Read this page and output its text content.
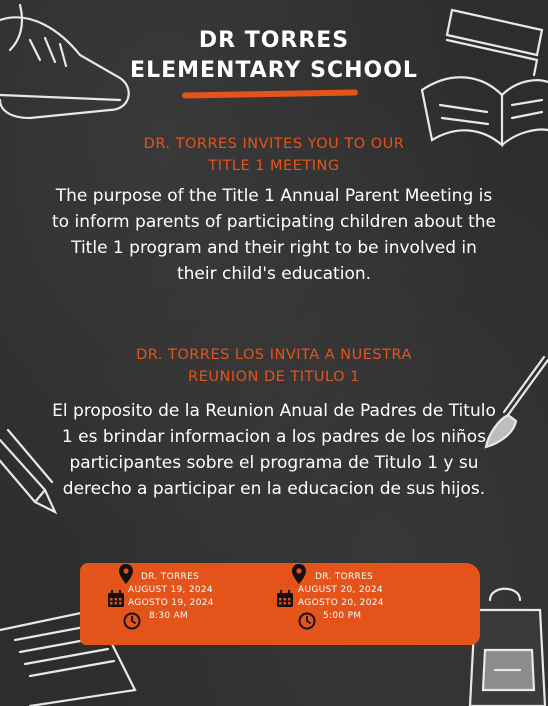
DR TORRES
ELEMENTARY SCHOOL
DR. TORRES INVITES YOU TO OUR
TITLE 1 MEETING
The purpose of the Title 1 Annual Parent Meeting is to inform parents of participating children about the Title 1 program and their right to be involved in their child's education.
DR. TORRES LOS INVITA A NUESTRA
REUNION DE TITULO 1
El proposito de la Reunion Anual de Padres de Titulo 1 es brindar informacion a los padres de los niños participantes sobre el programa de Titulo 1 y su derecho a participar en la educacion de sus hijos.
DR. TORRES
AUGUST 19, 2024
AGOSTO 19, 2024
8:30 AM
DR. TORRES
AUGUST 20, 2024
AGOSTO 20, 2024
5:00 PM
